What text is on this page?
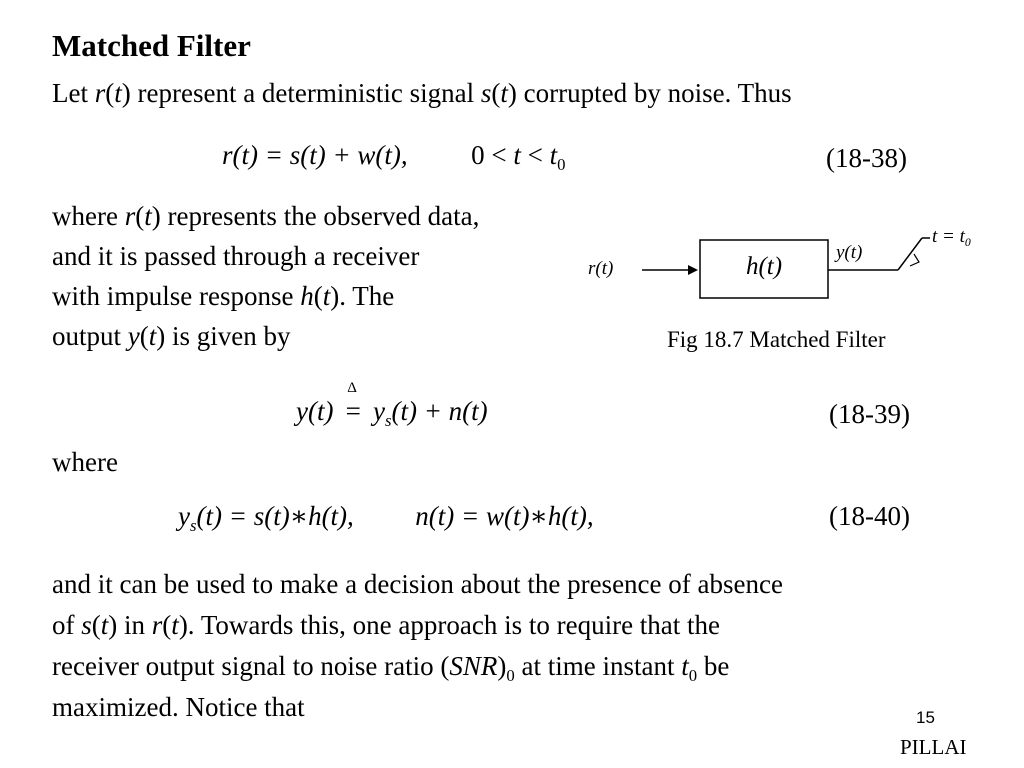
Matched Filter
Let r(t) represent a deterministic signal s(t) corrupted by noise. Thus
r(t) = s(t) + w(t), $0 < t < t_0$	(18-38)
where r(t) represents the observed data,
and it is passed through a receiver
with impulse response h(t). The
output y(t) is given by
r(t)	h(t)
y(t)
$t = t_0$
Fig 18.7 Matched Filter
y(t)
Δ
= $y_s(t) + n(t)$	(18-39)
where
$y_s(t)$ = s(t)∗h(t), n(t) = w(t)∗h(t),	(18-40)
and it can be used to make a decision about the presence of absence
of s(t) in r(t). Towards this, one approach is to require that the
receiver output signal to noise ratio $(SNR)_0$ at time instant $t_0$ be
maximized. Notice that	15
PILLAI
